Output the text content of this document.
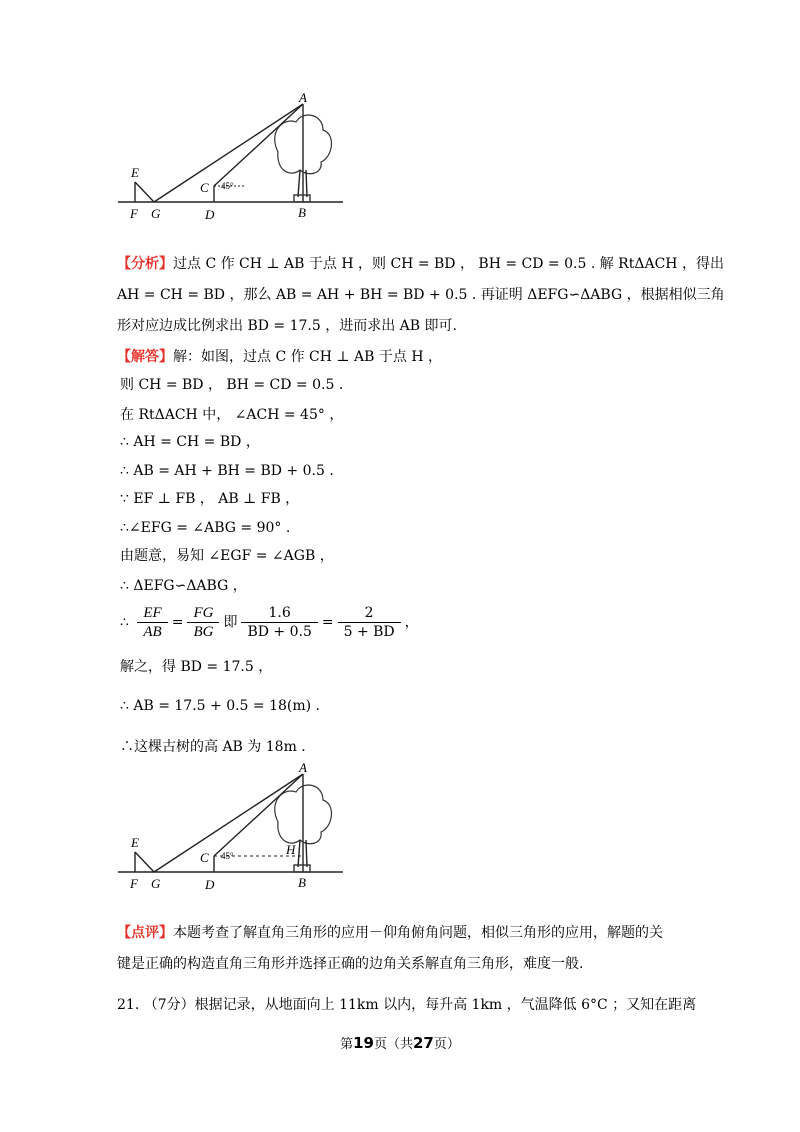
A
B
C
D
E
F G
45°
【分析】过点 C 作 CH ⊥ AB 于点 H ，则 CH = BD ， BH = CD = 0.5 . 解 RtΔACH ，得出
AH = CH = BD ，那么 AB = AH + BH = BD + 0.5 . 再证明 ΔEFG∽ΔABG ，根据相似三角
形对应边成比例求出 BD = 17.5 ，进而求出 AB 即可.
【解答】解：如图，过点 C 作 CH ⊥ AB 于点 H ，
则 CH = BD ， BH = CD = 0.5 .
在 RtΔACH 中， ∠ACH = 45° ，
∴ AH = CH = BD ，
∴ AB = AH + BH = BD + 0.5 .
∵ EF ⊥ FB ， AB ⊥ FB ，
∴∠EFG = ∠ABG = 90° .
由题意，易知 ∠EGF = ∠AGB ，
∴ ΔEFG∽ΔABG ，
∴ $\frac{EF}{AB} = \frac{FG}{BG}$ 即 $\frac{1.6}{BD + 0.5} = \frac{2}{5 + BD}$ ，
解之，得 BD = 17.5 ，
∴ AB = 17.5 + 0.5 = 18(m) .
∴这棵古树的高 AB 为 18m .
A
B
C
D
E
F G
H
45°
【点评】本题考查了解直角三角形的应用－仰角俯角问题，相似三角形的应用，解题的关
键是正确的构造直角三角形并选择正确的边角关系解直角三角形，难度一般.
21. （7分）根据记录，从地面向上 11km 以内，每升高 1km ，气温降低 6°C ；又知在距离
第19页（共27页）
